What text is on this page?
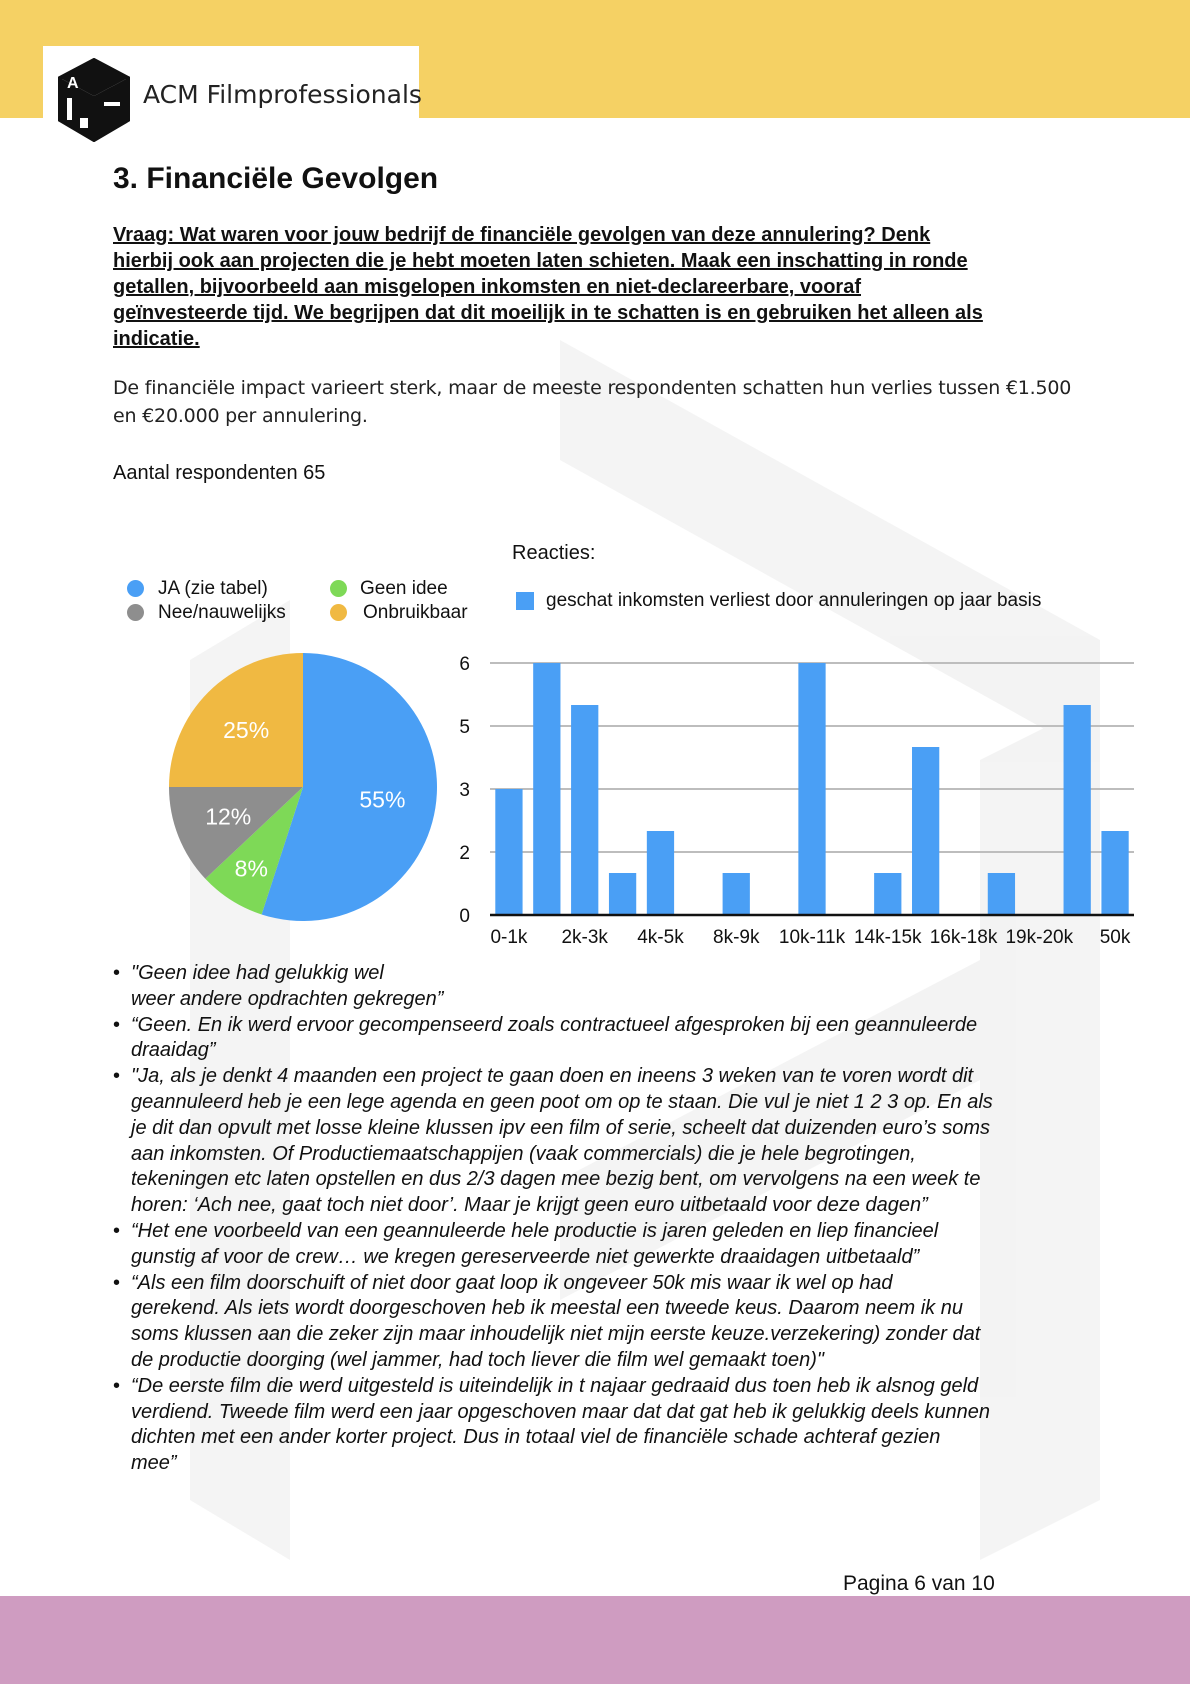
A	ACM Filmprofessionals
3. Financiële Gevolgen
Vraag: Wat waren voor jouw bedrijf de financiële gevolgen van deze annulering? Denk
hierbij ook aan projecten die je hebt moeten laten schieten. Maak een inschatting in ronde
getallen, bijvoorbeeld aan misgelopen inkomsten en niet-declareerbare, vooraf
geïnvesteerde tijd. We begrijpen dat dit moeilijk in te schatten is en gebruiken het alleen als
indicatie.
De financiële impact varieert sterk, maar de meeste respondenten schatten hun verlies tussen €1.500
en €20.000 per annulering.
Aantal respondenten 65
JA (zie tabel)
Nee/nauwelijks
Geen idee
Onbruikbaar
55%
8%
12%
25%
Reacties:
geschat inkomsten verliest door annuleringen op jaar basis
0
2
3
5
6
0-1k 2k-3k 4k-5k 8k-9k 10k-11k 14k-15k 16k-18k 19k-20k 50k
• "Geen idee had gelukkig wel
weer andere opdrachten gekregen”
• “Geen. En ik werd ervoor gecompenseerd zoals contractueel afgesproken bij een geannuleerde
draaidag”
• "Ja, als je denkt 4 maanden een project te gaan doen en ineens 3 weken van te voren wordt dit
geannuleerd heb je een lege agenda en geen poot om op te staan. Die vul je niet 1 2 3 op. En als
je dit dan opvult met losse kleine klussen ipv een film of serie, scheelt dat duizenden euro’s soms
aan inkomsten. Of Productiemaatschappijen (vaak commercials) die je hele begrotingen,
tekeningen etc laten opstellen en dus 2/3 dagen mee bezig bent, om vervolgens na een week te
horen: ‘Ach nee, gaat toch niet door’. Maar je krijgt geen euro uitbetaald voor deze dagen”
• “Het ene voorbeeld van een geannuleerde hele productie is jaren geleden en liep financieel
gunstig af voor de crew… we kregen gereserveerde niet gewerkte draaidagen uitbetaald”
• “Als een film doorschuift of niet door gaat loop ik ongeveer 50k mis waar ik wel op had
gerekend. Als iets wordt doorgeschoven heb ik meestal een tweede keus. Daarom neem ik nu
soms klussen aan die zeker zijn maar inhoudelijk niet mijn eerste keuze.verzekering) zonder dat
de productie doorging (wel jammer, had toch liever die film wel gemaakt toen)"
• “De eerste film die werd uitgesteld is uiteindelijk in t najaar gedraaid dus toen heb ik alsnog geld
verdiend. Tweede film werd een jaar opgeschoven maar dat dat gat heb ik gelukkig deels kunnen
dichten met een ander korter project. Dus in totaal viel de financiële schade achteraf gezien
mee”
Pagina 6 van 10
